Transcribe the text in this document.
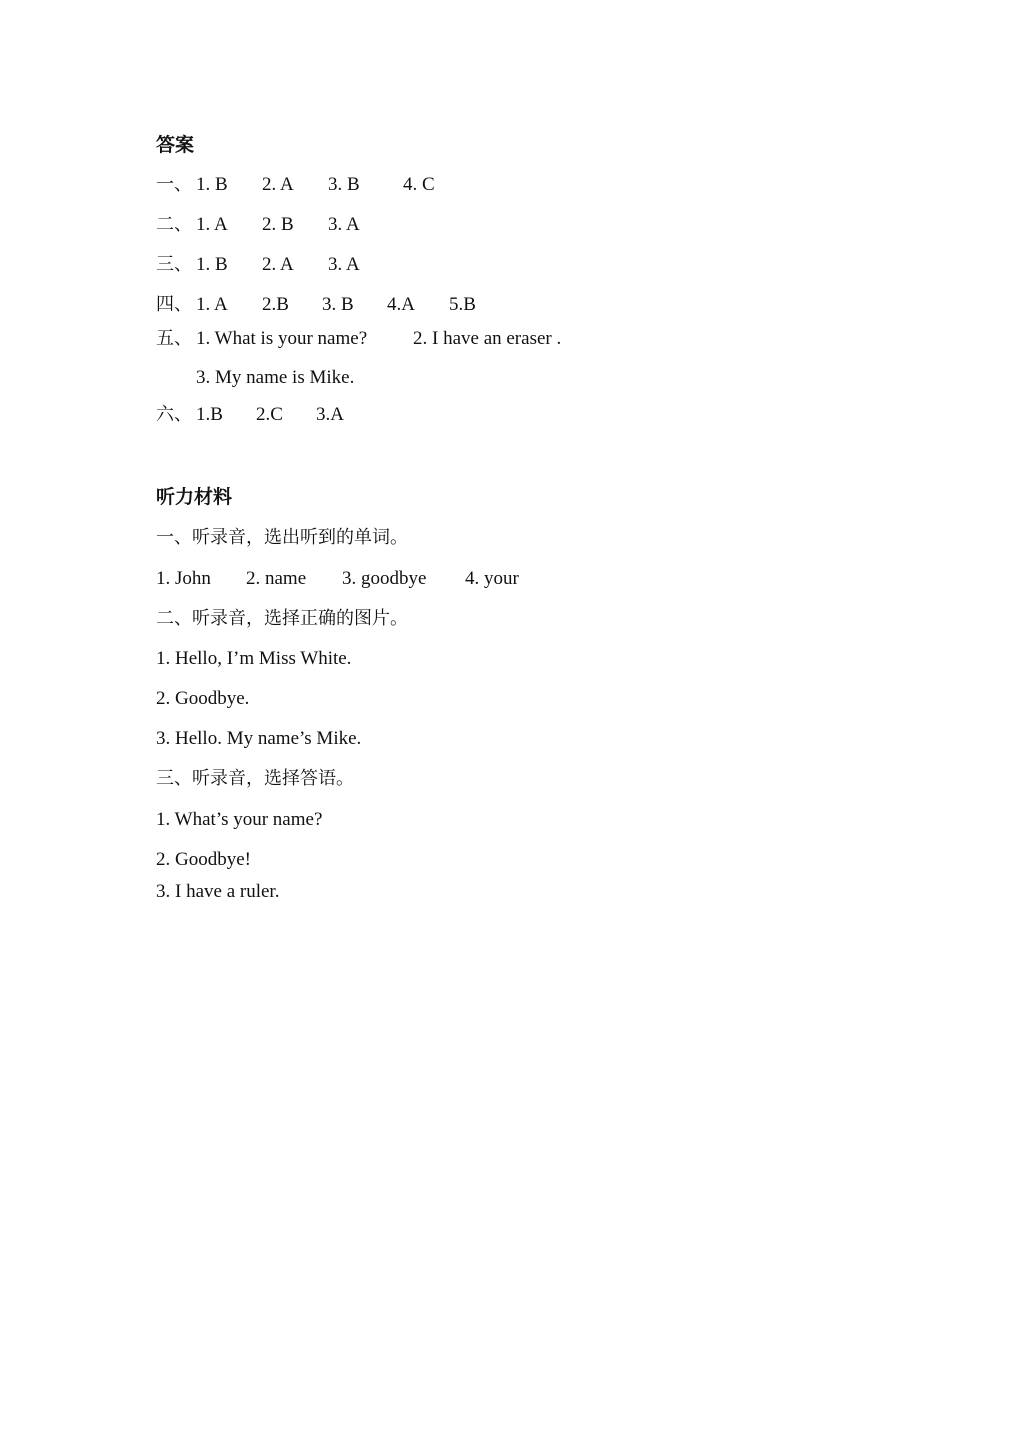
答案
一、 1. B 2. A 3. B 4. C
二、 1. A 2. B 3. A
三、 1. B 2. A 3. A
四、 1. A 2.B 3. B 4.A 5.B
五、 1. What is your name? 2. I have an eraser .
3. My name is Mike.
六、 1.B 2.C 3.A
听力材料
一、听录音，选出听到的单词。
1. John 2. name 3. goodbye 4. your
二、听录音，选择正确的图片。
1. Hello, I’m Miss White.
2. Goodbye.
3. Hello. My name’s Mike.
三、听录音，选择答语。
1. What’s your name?
2. Goodbye!
3. I have a ruler.
